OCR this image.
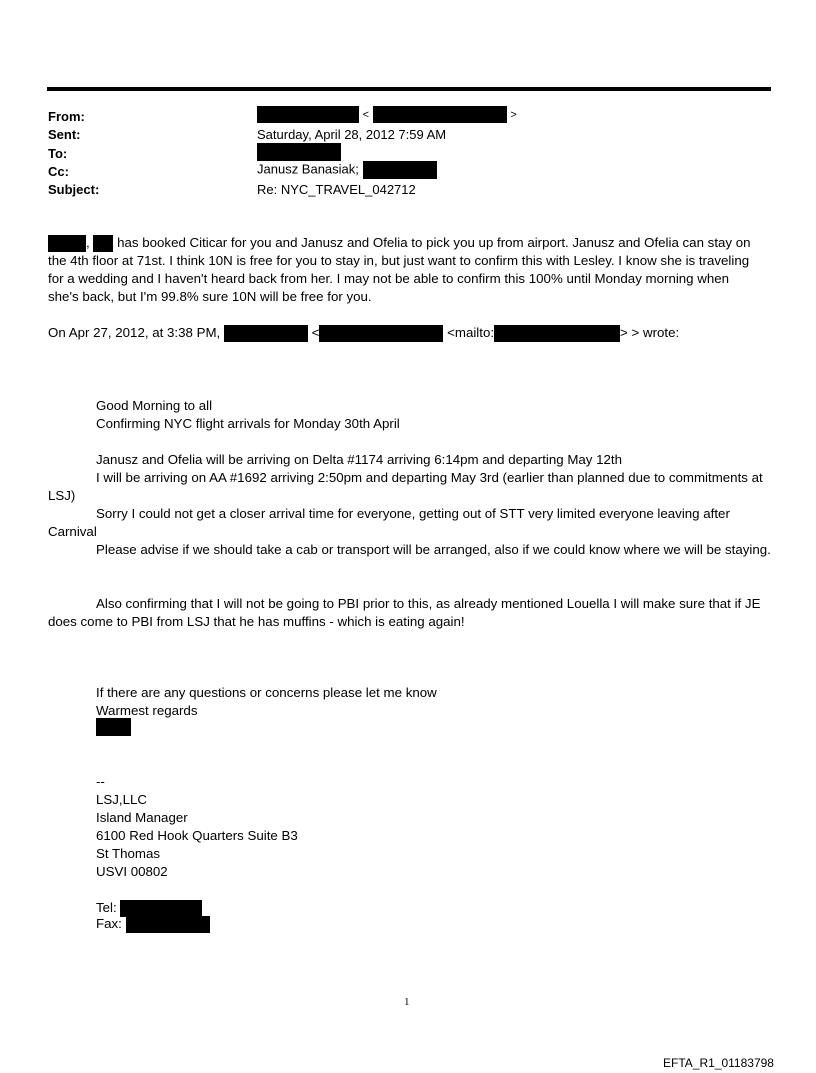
From:	<	>
Sent:	Saturday, April 28, 2012 7:59 AM
To:
Cc:	Janusz Banasiak;
Subject:	Re: NYC_TRAVEL_042712
, has booked Citicar for you and Janusz and Ofelia to pick you up from airport. Janusz and Ofelia can stay on
the 4th floor at 71st. I think 10N is free for you to stay in, but just want to confirm this with Lesley. I know she is traveling
for a wedding and I haven't heard back from her. I may not be able to confirm this 100% until Monday morning when
she's back, but I'm 99.8% sure 10N will be free for you.
On Apr 27, 2012, at 3:38 PM,	<	<mailto:	> > wrote:
Good Morning to all
Confirming NYC flight arrivals for Monday 30th April
Janusz and Ofelia will be arriving on Delta #1174 arriving 6:14pm and departing May 12th
I will be arriving on AA #1692 arriving 2:50pm and departing May 3rd (earlier than planned due to commitments at LSJ)
Sorry I could not get a closer arrival time for everyone, getting out of STT very limited everyone leaving after Carnival
Please advise if we should take a cab or transport will be arranged, also if we could know where we will be staying.
Also confirming that I will not be going to PBI prior to this, as already mentioned Louella I will make sure that if JE does come to PBI from LSJ that he has muffins - which is eating again!
If there are any questions or concerns please let me know
Warmest regards
--
LSJ,LLC
Island Manager
6100 Red Hook Quarters Suite B3
St Thomas
USVI 00802
Tel:
Fax:
1
EFTA_R1_01183798
